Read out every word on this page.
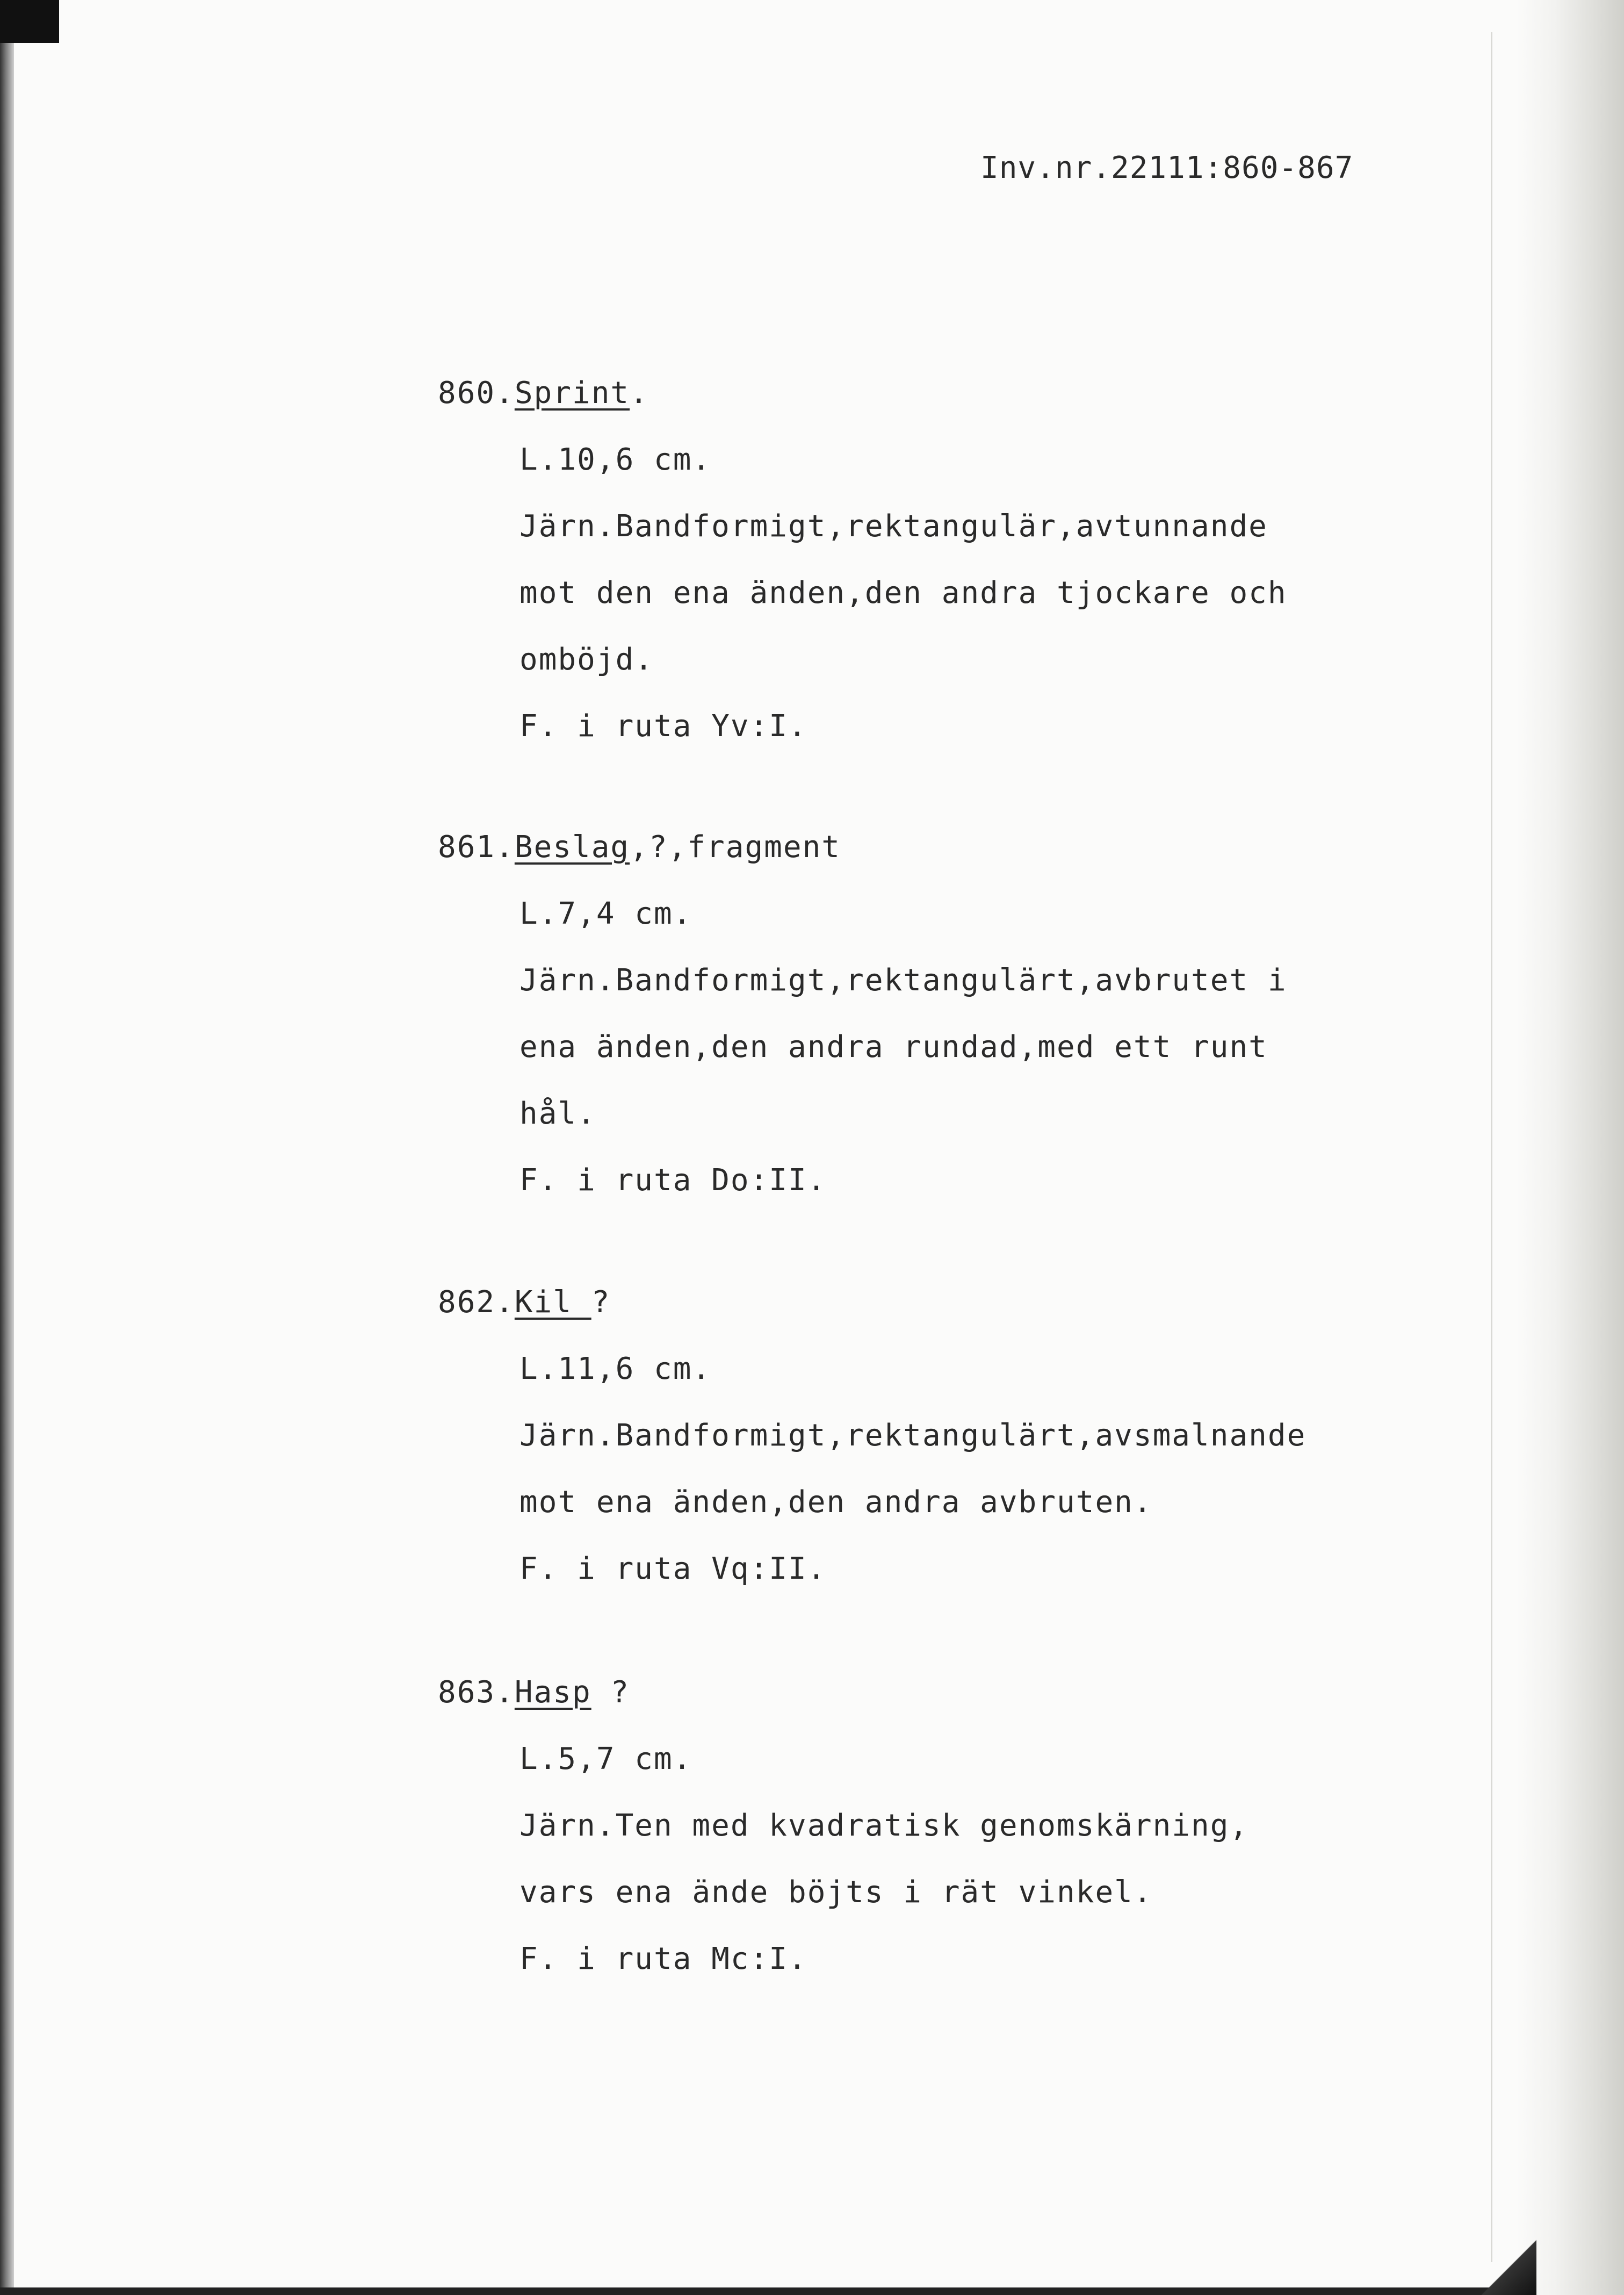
Inv.nr.22111:860-867
860.Sprint.
L.10,6 cm.
Järn.Bandformigt,rektangulär,avtunnande
mot den ena änden,den andra tjockare och
omböjd.
F. i ruta Yv:I.
861.Beslag,?,fragment
L.7,4 cm.
Järn.Bandformigt,rektangulärt,avbrutet i
ena änden,den andra rundad,med ett runt
hål.
F. i ruta Do:II.
862.Kil ?
L.11,6 cm.
Järn.Bandformigt,rektangulärt,avsmalnande
mot ena änden,den andra avbruten.
F. i ruta Vq:II.
863.Hasp ?
L.5,7 cm.
Järn.Ten med kvadratisk genomskärning,
vars ena ände böjts i rät vinkel.
F. i ruta Mc:I.
